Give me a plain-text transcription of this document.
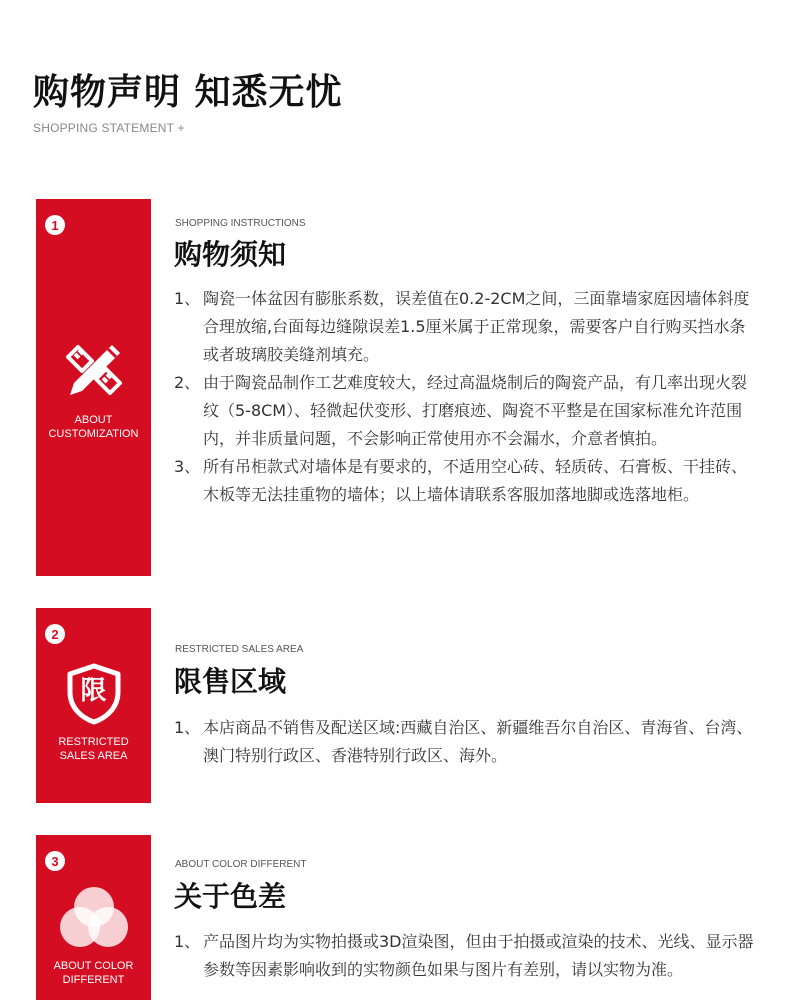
购物声明 知悉无忧
SHOPPING STATEMENT +
1
ABOUT
CUSTOMIZATION
SHOPPING INSTRUCTIONS
购物须知
1、 陶瓷一体盆因有膨胀系数，误差值在0.2-2CM之间，三面靠墙家庭因墙体斜度合理放缩,台面每边缝隙误差1.5厘米属于正常现象，需要客户自行购买挡水条或者玻璃胶美缝剂填充。
2、 由于陶瓷品制作工艺难度较大，经过高温烧制后的陶瓷产品，有几率出现火裂纹（5-8CM）、轻微起伏变形、打磨痕迹、陶瓷不平整是在国家标准允许范围内，并非质量问题，不会影响正常使用亦不会漏水，介意者慎拍。
3、 所有吊柜款式对墙体是有要求的，不适用空心砖、轻质砖、石膏板、干挂砖、木板等无法挂重物的墙体；以上墙体请联系客服加落地脚或选落地柜。
2
限
RESTRICTED
SALES AREA
RESTRICTED SALES AREA
限售区域
1、 本店商品不销售及配送区域:西藏自治区、新疆维吾尔自治区、青海省、台湾、澳门特别行政区、香港特别行政区、海外。
3
ABOUT COLOR
DIFFERENT
ABOUT COLOR DIFFERENT
关于色差
1、 产品图片均为实物拍摄或3D渲染图，但由于拍摄或渲染的技术、光线、显示器参数等因素影响收到的实物颜色如果与图片有差别，请以实物为准。
